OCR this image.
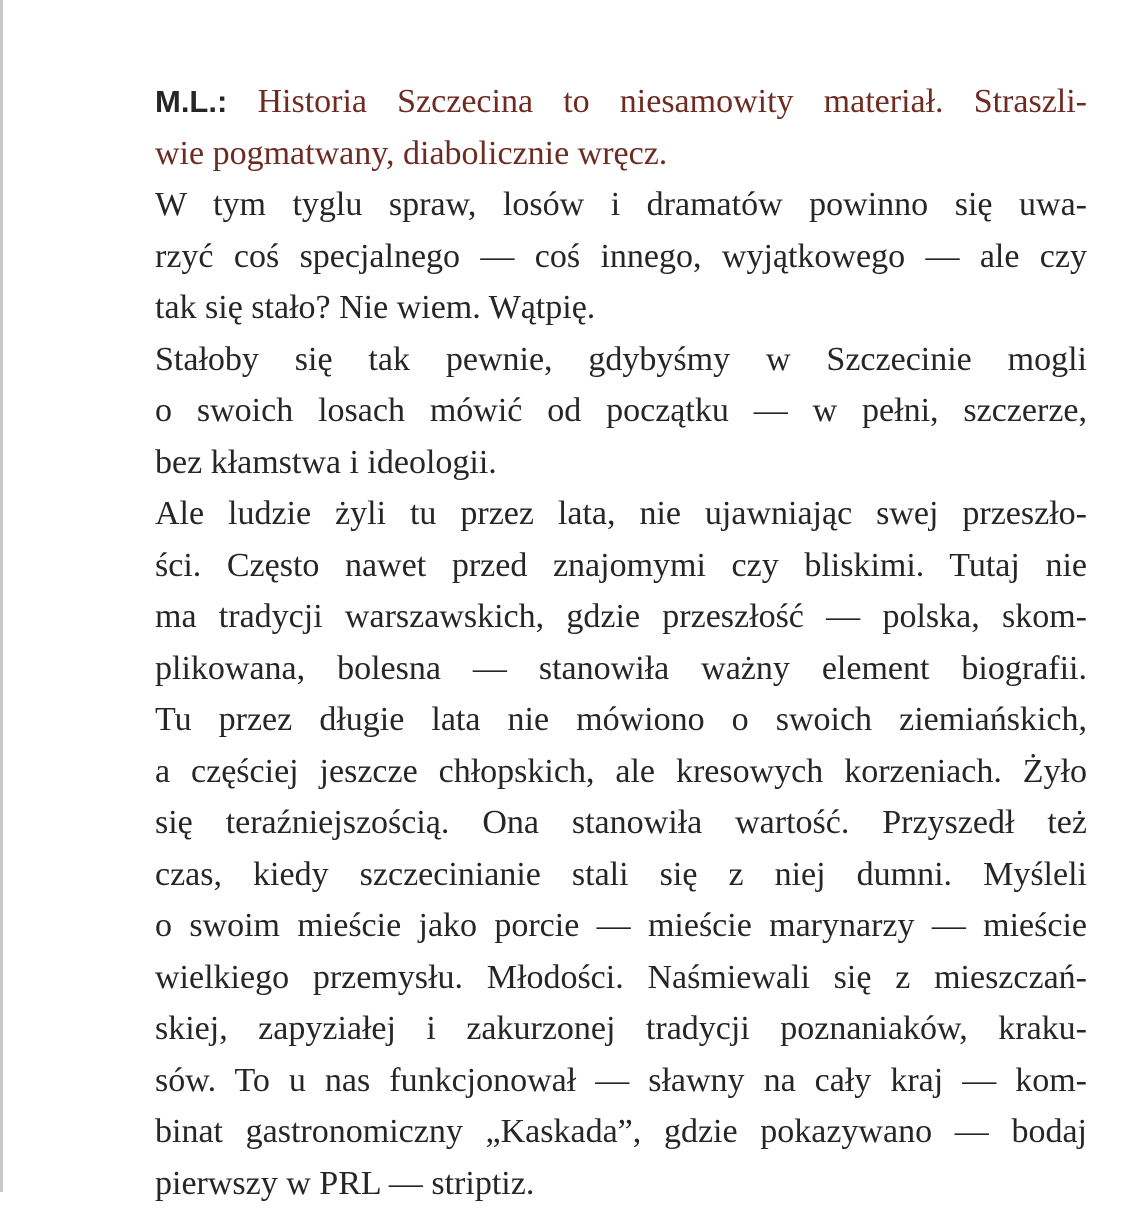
M.L.: Historia Szczecina to niesamowity materiał. Straszli-
wie pogmatwany, diabolicznie wręcz.
W tym tyglu spraw, losów i dramatów powinno się uwa-
rzyć coś specjalnego — coś innego, wyjątkowego — ale czy
tak się stało? Nie wiem. Wątpię.
Stałoby się tak pewnie, gdybyśmy w Szczecinie mogli
o swoich losach mówić od początku — w pełni, szczerze,
bez kłamstwa i ideologii.
Ale ludzie żyli tu przez lata, nie ujawniając swej przeszło-
ści. Często nawet przed znajomymi czy bliskimi. Tutaj nie
ma tradycji warszawskich, gdzie przeszłość — polska, skom-
plikowana, bolesna — stanowiła ważny element biografii.
Tu przez długie lata nie mówiono o swoich ziemiańskich,
a częściej jeszcze chłopskich, ale kresowych korzeniach. Żyło
się teraźniejszością. Ona stanowiła wartość. Przyszedł też
czas, kiedy szczecinianie stali się z niej dumni. Myśleli
o swoim mieście jako porcie — mieście marynarzy — mieście
wielkiego przemysłu. Młodości. Naśmiewali się z mieszczań-
skiej, zapyziałej i zakurzonej tradycji poznaniaków, kraku-
sów. To u nas funkcjonował — sławny na cały kraj — kom-
binat gastronomiczny „Kaskada”, gdzie pokazywano — bodaj
pierwszy w PRL — striptiz.
